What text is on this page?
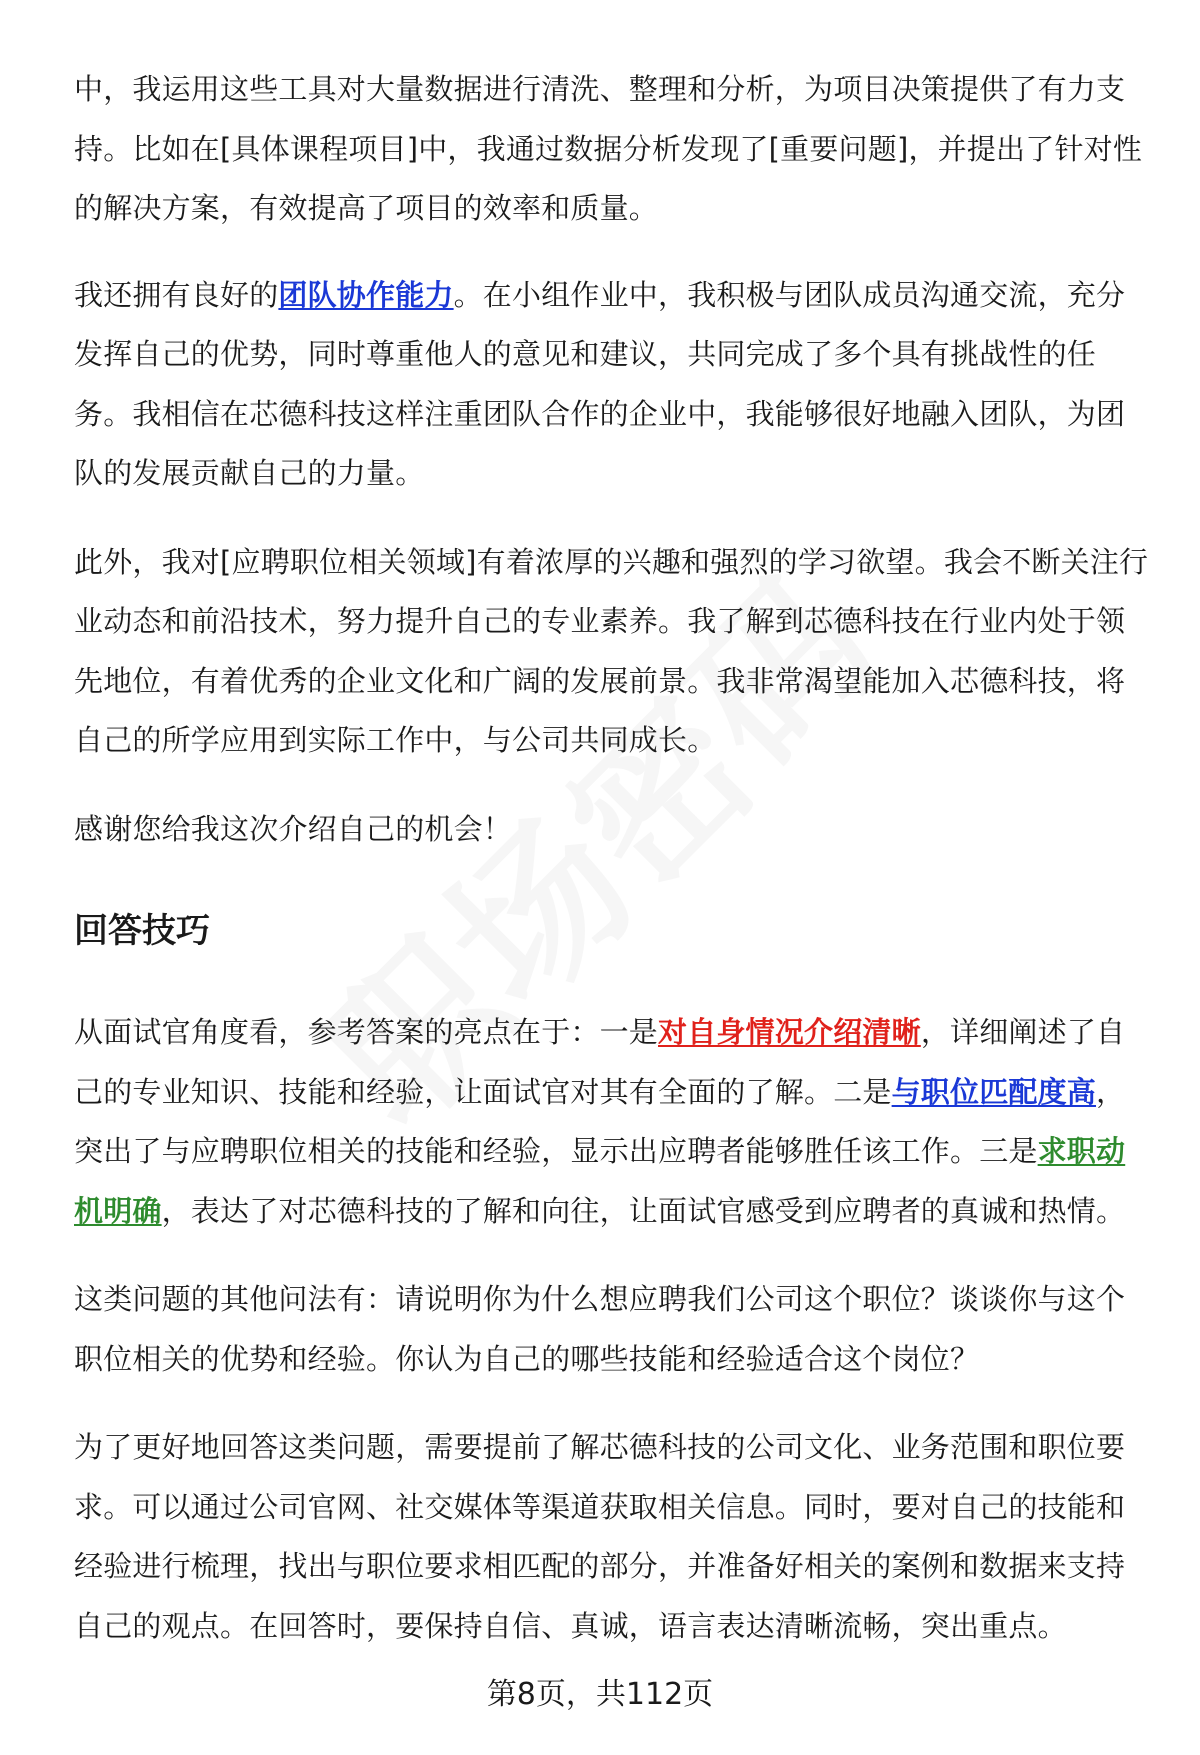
中，我运用这些工具对大量数据进行清洗、整理和分析，为项目决策提供了有力支持。比如在[具体课程项目]中，我通过数据分析发现了[重要问题]，并提出了针对性的解决方案，有效提高了项目的效率和质量。

我还拥有良好的团队协作能力。在小组作业中，我积极与团队成员沟通交流，充分发挥自己的优势，同时尊重他人的意见和建议，共同完成了多个具有挑战性的任务。我相信在芯德科技这样注重团队合作的企业中，我能够很好地融入团队，为团队的发展贡献自己的力量。

此外，我对[应聘职位相关领域]有着浓厚的兴趣和强烈的学习欲望。我会不断关注行业动态和前沿技术，努力提升自己的专业素养。我了解到芯德科技在行业内处于领先地位，有着优秀的企业文化和广阔的发展前景。我非常渴望能加入芯德科技，将自己的所学应用到实际工作中，与公司共同成长。

感谢您给我这次介绍自己的机会！

回答技巧

从面试官角度看，参考答案的亮点在于：一是对自身情况介绍清晰，详细阐述了自己的专业知识、技能和经验，让面试官对其有全面的了解。二是与职位匹配度高，突出了与应聘职位相关的技能和经验，显示出应聘者能够胜任该工作。三是求职动机明确，表达了对芯德科技的了解和向往，让面试官感受到应聘者的真诚和热情。

这类问题的其他问法有：请说明你为什么想应聘我们公司这个职位？谈谈你与这个职位相关的优势和经验。你认为自己的哪些技能和经验适合这个岗位？

为了更好地回答这类问题，需要提前了解芯德科技的公司文化、业务范围和职位要求。可以通过公司官网、社交媒体等渠道获取相关信息。同时，要对自己的技能和经验进行梳理，找出与职位要求相匹配的部分，并准备好相关的案例和数据来支持自己的观点。在回答时，要保持自信、真诚，语言表达清晰流畅，突出重点。

第8页，共112页
